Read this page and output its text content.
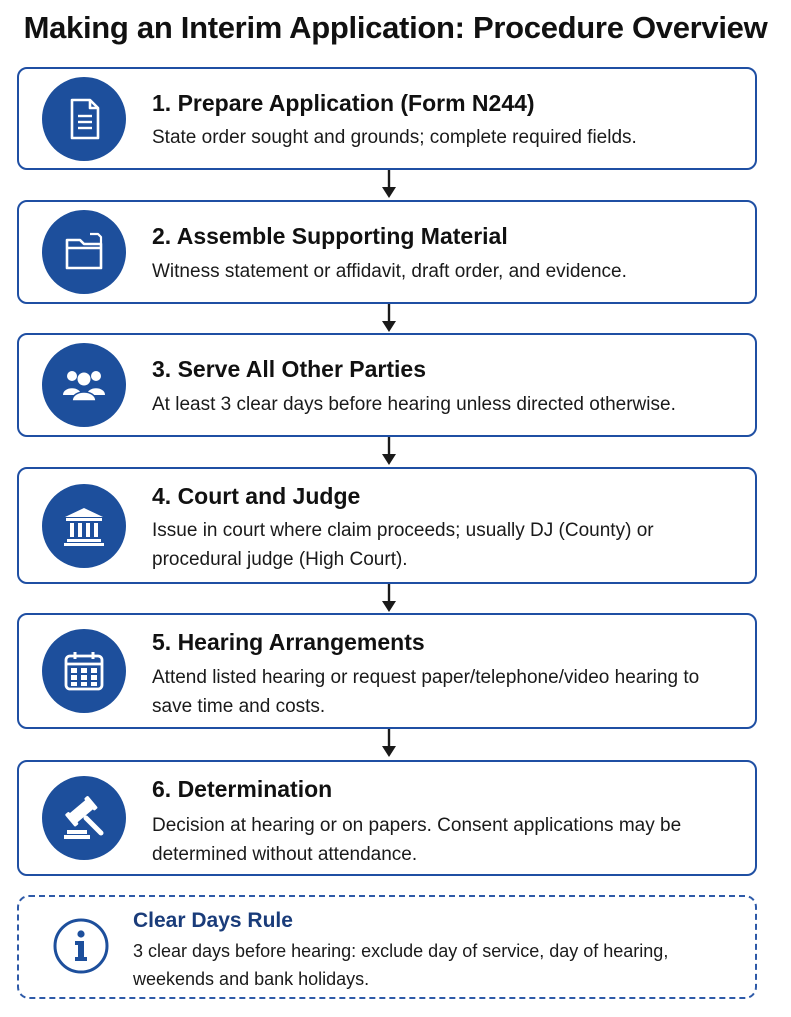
Making an Interim Application: Procedure Overview
1. Prepare Application (Form N244)
State order sought and grounds; complete required fields.
2. Assemble Supporting Material
Witness statement or affidavit, draft order, and evidence.
3. Serve All Other Parties
At least 3 clear days before hearing unless directed otherwise.
4. Court and Judge
Issue in court where claim proceeds; usually DJ (County) or procedural judge (High Court).
5. Hearing Arrangements
Attend listed hearing or request paper/telephone/video hearing to save time and costs.
6. Determination
Decision at hearing or on papers. Consent applications may be determined without attendance.
Clear Days Rule
3 clear days before hearing: exclude day of service, day of hearing, weekends and bank holidays.
